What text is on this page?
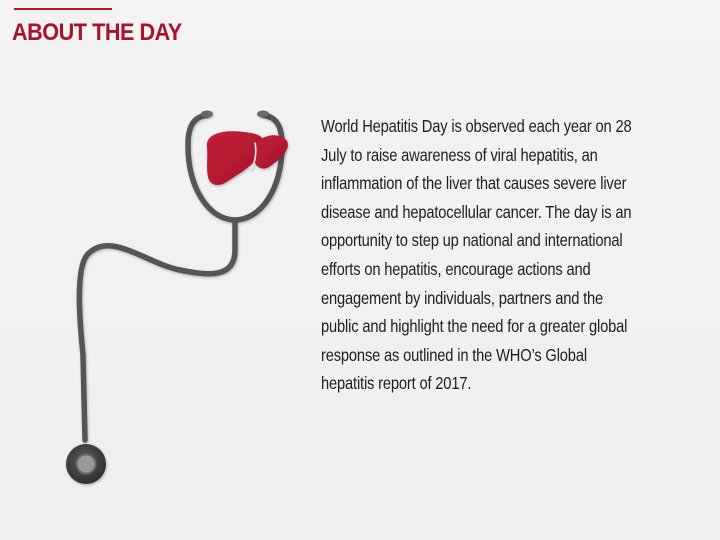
ABOUT THE DAY

World Hepatitis Day is observed each year on 28 July to raise awareness of viral hepatitis, an inflammation of the liver that causes severe liver disease and hepatocellular cancer. The day is an opportunity to step up national and international efforts on hepatitis, encourage actions and engagement by individuals, partners and the public and highlight the need for a greater global response as outlined in the WHO’s Global hepatitis report of 2017.
